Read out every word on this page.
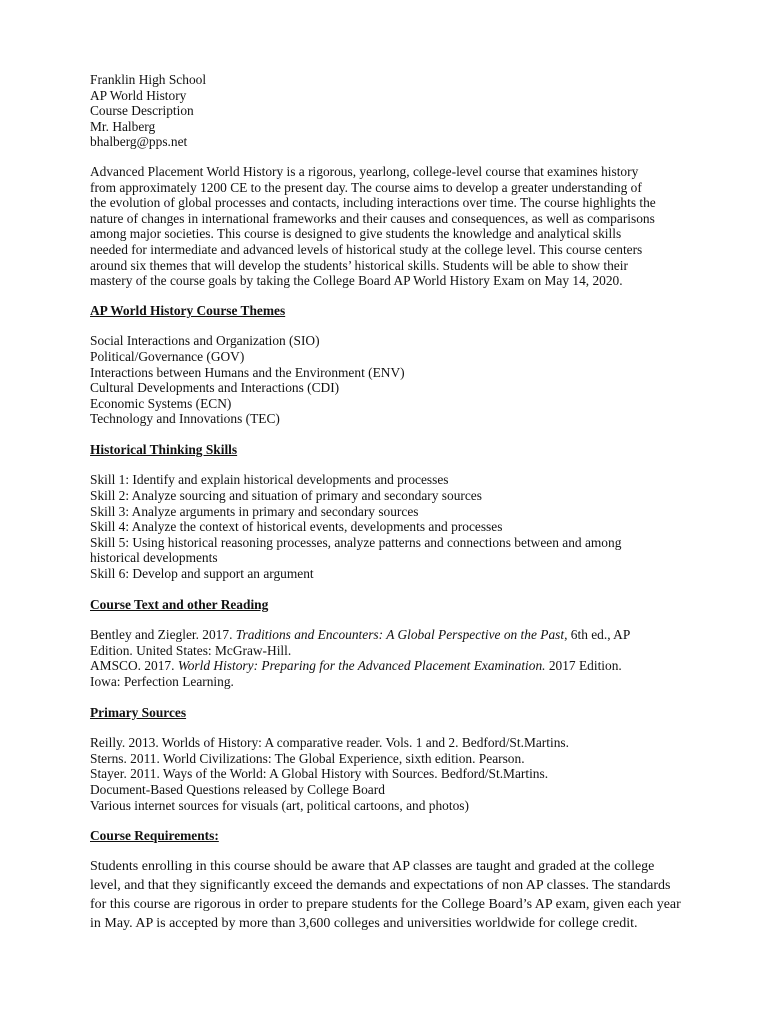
Franklin High School
AP World History
Course Description
Mr. Halberg
bhalberg@pps.net
Advanced Placement World History is a rigorous, yearlong, college-level course that examines history
from approximately 1200 CE to the present day. The course aims to develop a greater understanding of
the evolution of global processes and contacts, including interactions over time. The course highlights the
nature of changes in international frameworks and their causes and consequences, as well as comparisons
among major societies. This course is designed to give students the knowledge and analytical skills
needed for intermediate and advanced levels of historical study at the college level. This course centers
around six themes that will develop the students’ historical skills. Students will be able to show their
mastery of the course goals by taking the College Board AP World History Exam on May 14, 2020.
AP World History Course Themes
Social Interactions and Organization (SIO)
Political/Governance (GOV)
Interactions between Humans and the Environment (ENV)
Cultural Developments and Interactions (CDI)
Economic Systems (ECN)
Technology and Innovations (TEC)
Historical Thinking Skills
Skill 1: Identify and explain historical developments and processes
Skill 2: Analyze sourcing and situation of primary and secondary sources
Skill 3: Analyze arguments in primary and secondary sources
Skill 4: Analyze the context of historical events, developments and processes
Skill 5: Using historical reasoning processes, analyze patterns and connections between and among
historical developments
Skill 6: Develop and support an argument
Course Text and other Reading
Bentley and Ziegler. 2017. Traditions and Encounters: A Global Perspective on the Past, 6th ed., AP
Edition. United States: McGraw-Hill.
AMSCO. 2017. World History: Preparing for the Advanced Placement Examination. 2017 Edition.
Iowa: Perfection Learning.
Primary Sources
Reilly. 2013. Worlds of History: A comparative reader. Vols. 1 and 2. Bedford/St.Martins.
Sterns. 2011. World Civilizations: The Global Experience, sixth edition. Pearson.
Stayer. 2011. Ways of the World: A Global History with Sources. Bedford/St.Martins.
Document-Based Questions released by College Board
Various internet sources for visuals (art, political cartoons, and photos)
Course Requirements:
Students enrolling in this course should be aware that AP classes are taught and graded at the college
level, and that they significantly exceed the demands and expectations of non AP classes. The standards
for this course are rigorous in order to prepare students for the College Board’s AP exam, given each year
in May. AP is accepted by more than 3,600 colleges and universities worldwide for college credit.
